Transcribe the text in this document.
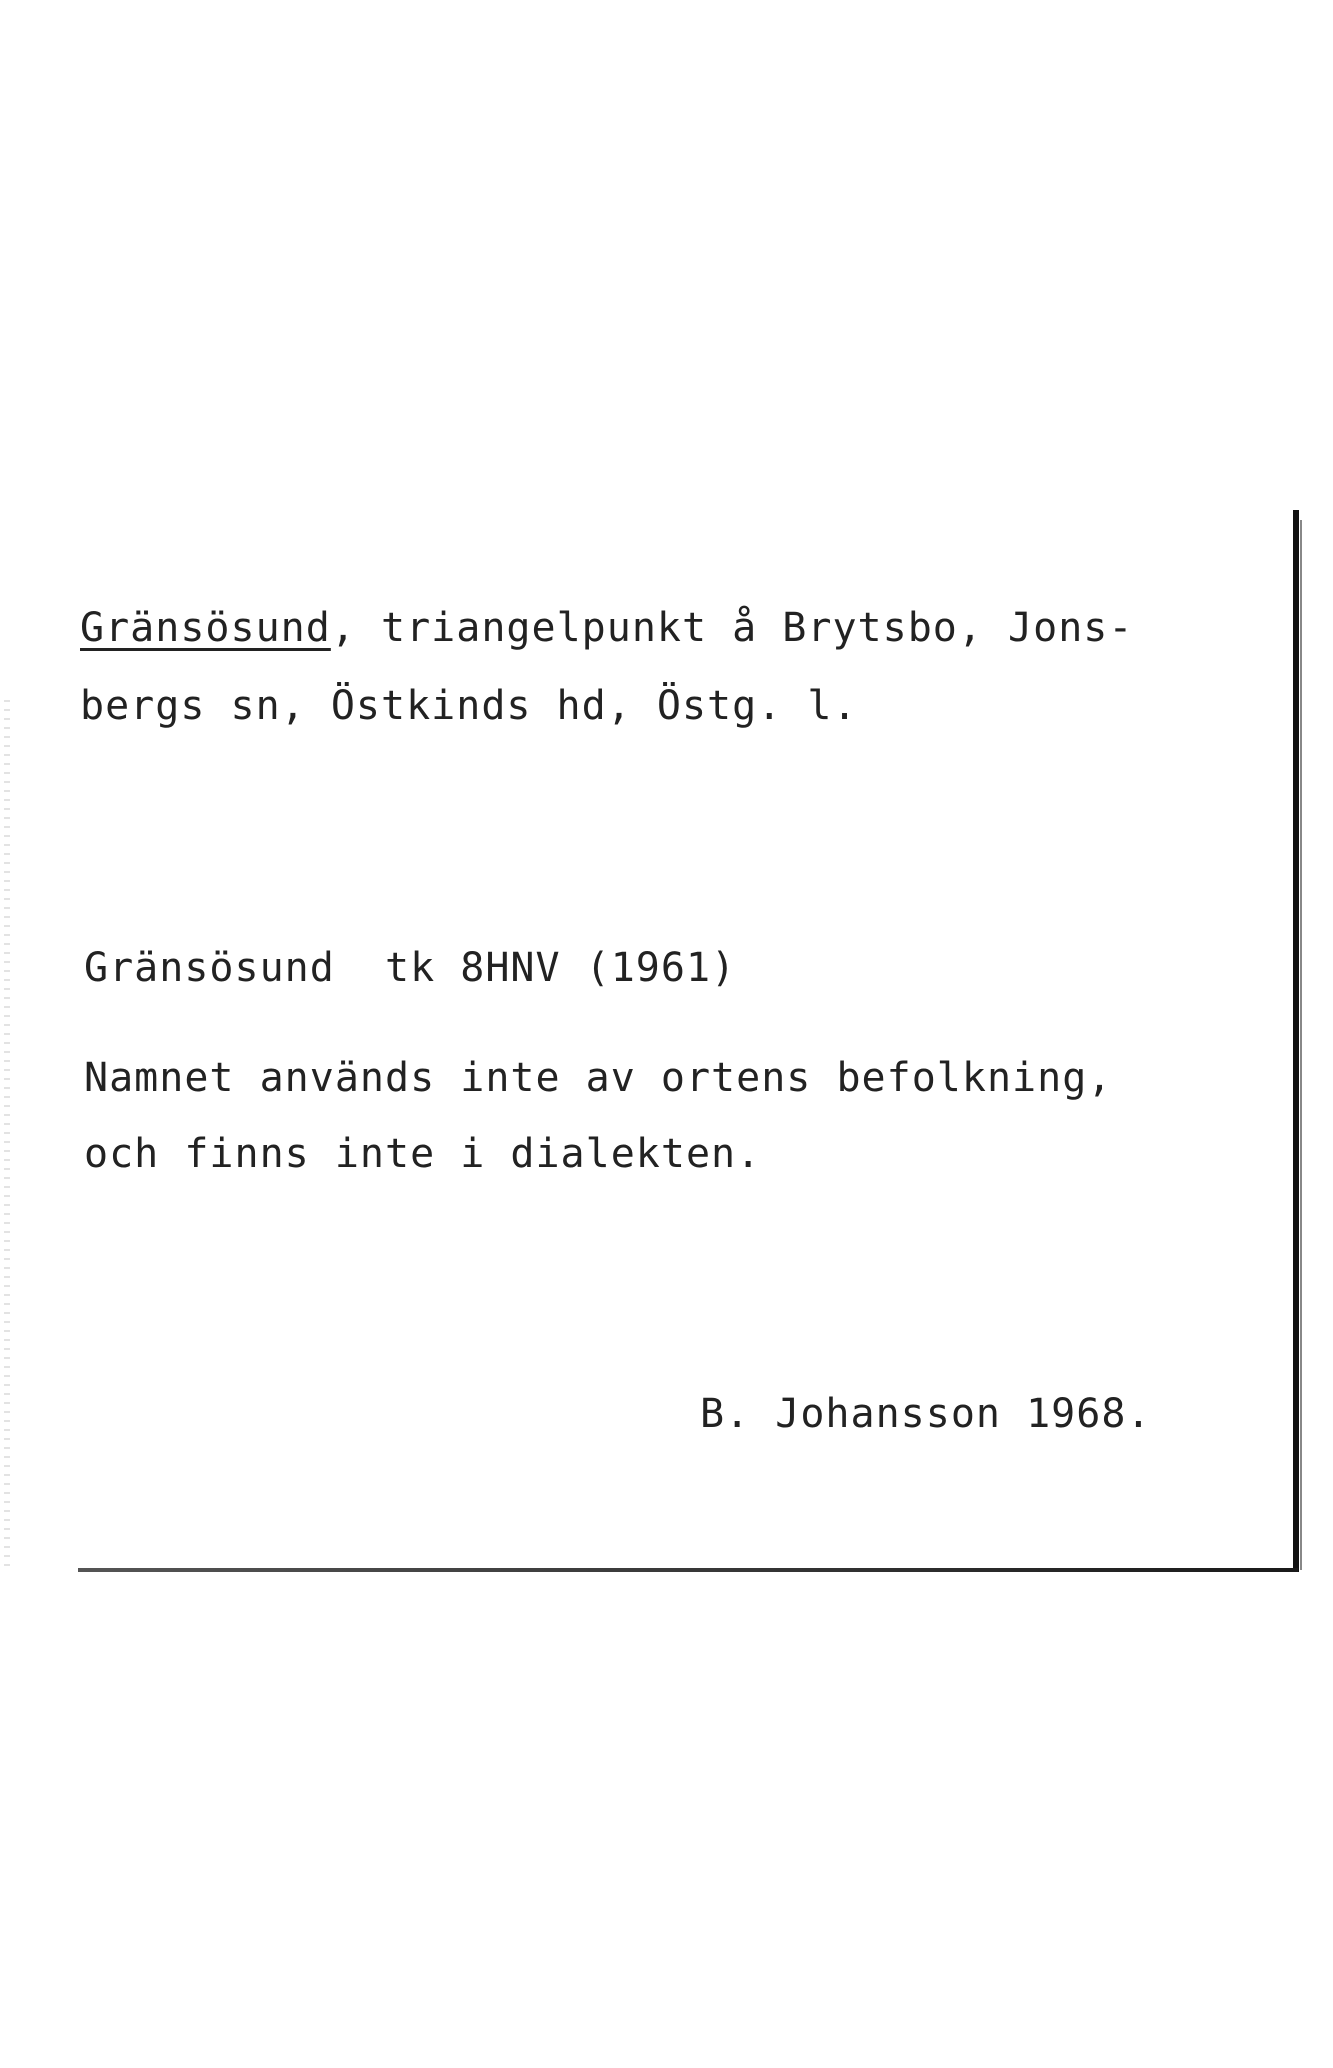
Gränsösund, triangelpunkt å Brytsbo, Jons-
bergs sn, Östkinds hd, Östg. l.
Gränsösund  tk 8HNV (1961)
Namnet används inte av ortens befolkning,
och finns inte i dialekten.
B. Johansson 1968.
